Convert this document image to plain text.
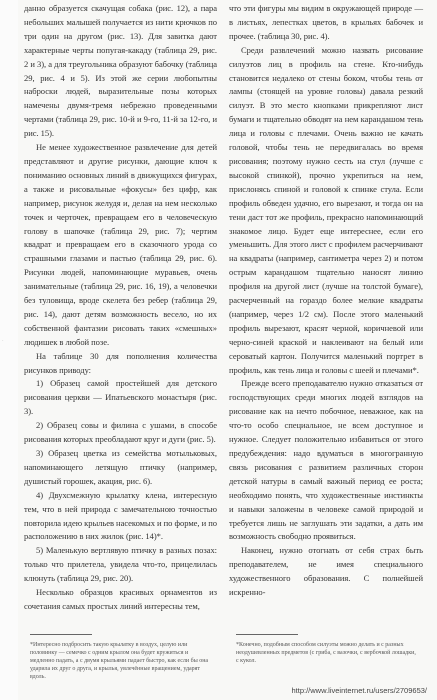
·

данно образуется скачущая собака (рис. 12), а пара небольших малышей получается из нити крючков по три один на другом (рис. 13). Для завитка дают характерные черты попугая-какаду (таблица 29, рис. 2 и 3), а для треугольника образуют бабочку (таблица 29, рис. 4 и 5). Из этой же серии любопытны наброски людей, выразительные позы которых намечены двумя-тремя небрежно проведенными чертами (таблица 29, рис. 10-й и 9-го, 11-й за 12-го, и рис. 15).

Не менее художественное развлечение для детей представляют и другие рисунки, дающие ключ к пониманию основных линий в движущихся фигурах, а также и рисовальные «фокусы» без цифр, как например, рисунок желудя и, делая на нем несколько точек и черточек, превращаем его в человеческую голову в шапочке (таблица 29, рис. 7); чертим квадрат и превращаем его в сказочного урода со страшными глазами и пастью (таблица 29, рис. 6). Рисунки людей, напоминающие муравьев, очень занимательные (таблица 29, рис. 16, 19), а человечки без туловища, вроде скелета без ребер (таблица 29, рис. 14), дают детям возможность весело, но их собственной фантазии рисовать таких «смешных» людишек в любой позе.

На таблице 30 для пополнения количества рисунков приводу:

1) Образец самой простейшей для детского рисования церкви — Ипатьевского монастыря (рис. 3).

2) Образец совы и филина с ушами, в способе рисования которых преобладают круг и дуги (рис. 5).

3) Образец цветка из семейства мотыльковых, напоминающего летящую птичку (например, душистый горошек, акация, рис. 6).

4) Двухсмежную крылатку клена, интересную тем, что в ней природа с замечательною точностью повторила идею крыльев насекомых и по форме, и по расположению в них жилок (рис. 14)*.

5) Маленькую вертлявую птичку в разных позах: только что прилетела, увидела что-то, прицелилась клюнуть (таблица 29, рис. 20).

Несколько образцов красивых орнаментов из сочетания самых простых линий интересны тем,

что эти фигуры мы видим в окружающей природе — в листьях, лепестках цветов, в крыльях бабочек и прочее. (таблица 30, рис. 4).

Среди развлечений можно назвать рисование силуэтов лиц в профиль на стене. Кто-нибудь становится недалеко от стены боком, чтобы тень от лампы (стоящей на уровне головы) давала резкий силуэт. В это место кнопками прикрепляют лист бумаги и тщательно обводят на нем карандашом тень лица и головы с плечами. Очень важно не качать головой, чтобы тень не передвигалась во время рисования; поэтому нужно сесть на стул (лучше с высокой спинкой), прочно укрепиться на нем, прислонясь спиной и головой к спинке стула. Если профиль обведен удачно, его вырезают, и тогда он на тени даст тот же профиль, прекрасно напоминающий знакомое лицо. Будет еще интереснее, если его уменьшить. Для этого лист с профилем расчерчивают на квадраты (например, сантиметра через 2) и потом острым карандашом тщательно наносят линию профиля на другой лист (лучше на толстой бумаге), расчерченный на гораздо более мелкие квадраты (например, через 1/2 см). После этого маленький профиль вырезают, красят черной, коричневой или черно-синей краской и наклеивают на белый или сероватый картон. Получится маленький портрет в профиль, как тень лица и головы с шеей и плечами*.

Прежде всего преподавателю нужно отказаться от господствующих среди многих людей взглядов на рисование как на нечто побочное, неважное, как на что-то особо специальное, не всем доступное и нужное. Следует положительно избавиться от этого предубеждения: надо вдуматься в многогранную связь рисования с развитием различных сторон детской натуры в самый важный период ее роста; необходимо понять, что художественные инстинкты и навыки заложены в человеке самой природой и требуется лишь не заглушать эти задатки, а дать им возможность свободно проявиться.

Наконец, нужно отогнать от себя страх быть преподавателем, не имея специального художественного образования. С полнейшей искренно-

*Интересно подбросить такую крылатку в воздух, целую или половинку — семечко с одним крылом она будет кружиться и медленно падать, а с двумя крыльями падает быстро, как если бы она ударила их друг о друга, и крылья, увлечённые вращением, ударят вдоль.
*Конечно, подобным способом силуэты можно делать и с разных неодушевленных предметов (с гриба, с вазочки, с вербочкой лошадки, с кукол.
http://www.liveinternet.ru/users/2709653/
